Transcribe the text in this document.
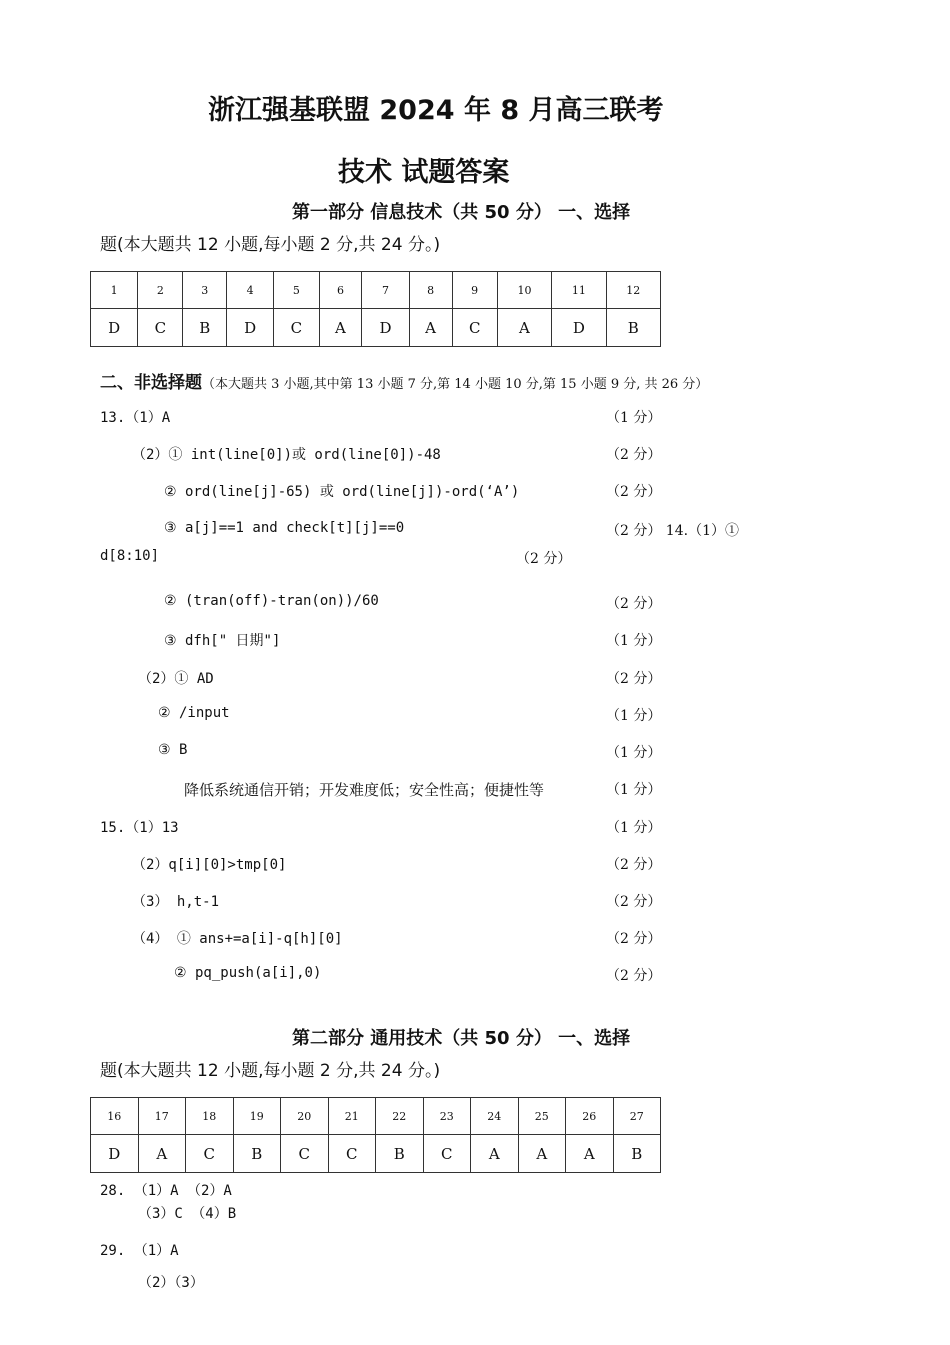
浙江强基联盟 2024 年 8 月高三联考
技术 试题答案
第一部分 信息技术（共 50 分） 一、选择
题(本大题共 12 小题,每小题 2 分,共 24 分。)
1	2	3	4	5	6	7	8	9	10	11	12
D	C	B	D	C	A	D	A	C	A	D	B
二、非选择题（本大题共 3 小题,其中第 13 小题 7 分,第 14 小题 10 分,第 15 小题 9 分, 共 26 分）
13.（1）A	（1 分）
（2）① int(line[0])或 ord(line[0])-48	（2 分）
② ord(line[j]-65) 或 ord(line[j])-ord(‘A’)	（2 分）
③ a[j]==1 and check[t][j]==0	（2 分） 14.（1）①
d[8:10]	（2 分）
② (tran(off)-tran(on))/60	（2 分）
③ dfh[" 日期"]	（1 分）
（2）① AD	（2 分）
② /input	（1 分）
③ B	（1 分）
降低系统通信开销；开发难度低；安全性高；便捷性等	（1 分）
15.（1）13	（1 分）
（2）q[i][0]>tmp[0]	（2 分）
（3） h,t-1	（2 分）
（4） ① ans+=a[i]-q[h][0]	（2 分）
② pq_push(a[i],0)	（2 分）
第二部分 通用技术（共 50 分） 一、选择
题(本大题共 12 小题,每小题 2 分,共 24 分。)
16	17	18	19	20	21	22	23	24	25	26	27
D	A	C	B	C	C	B	C	A	A	A	B
28. （1）A （2）A
（3）C （4）B
29. （1）A
（2）（3）
